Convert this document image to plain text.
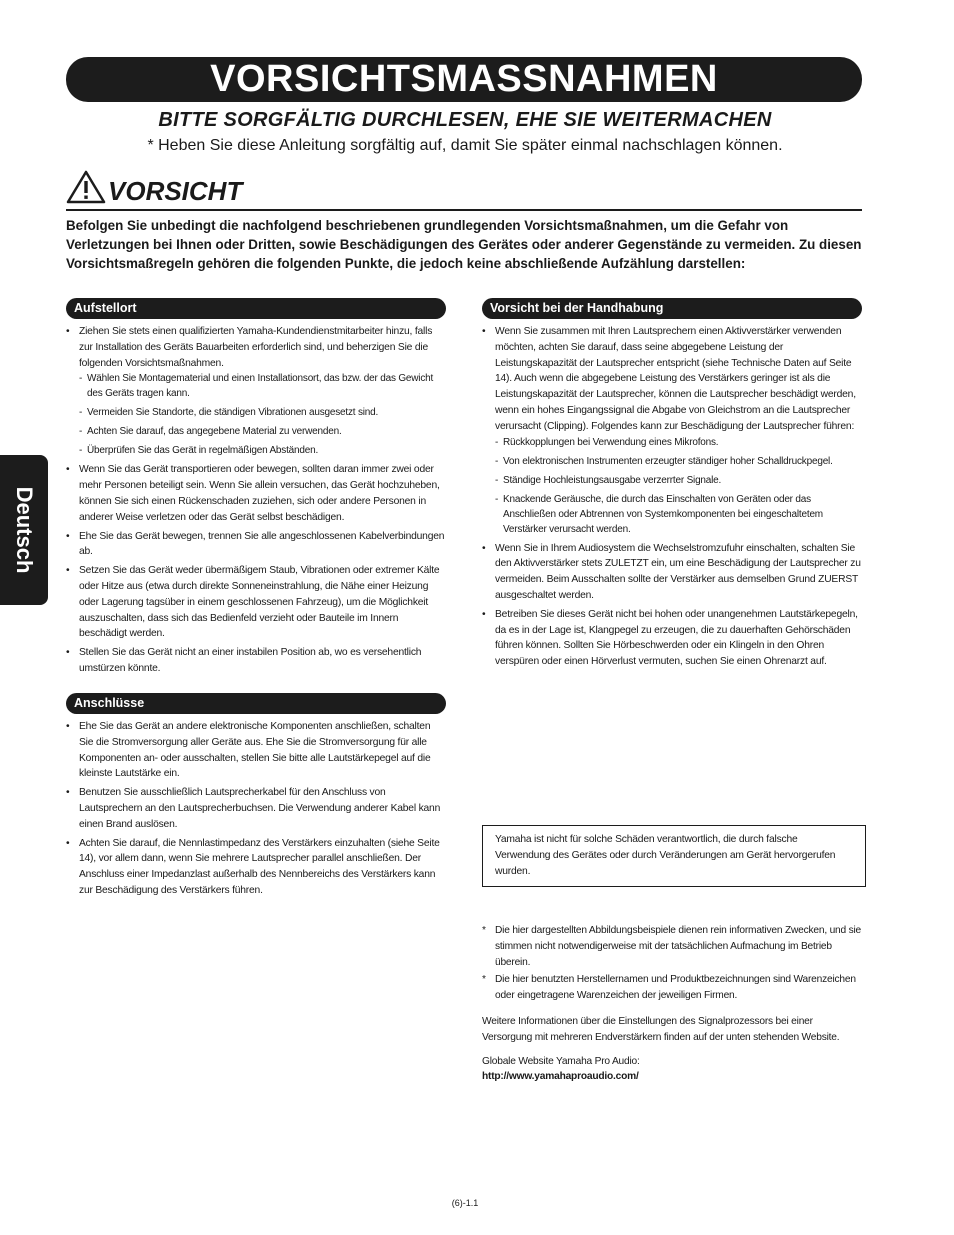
VORSICHTSMASSNAHMEN
BITTE SORGFÄLTIG DURCHLESEN, EHE SIE WEITERMACHEN
* Heben Sie diese Anleitung sorgfältig auf, damit Sie später einmal nachschlagen können.
VORSICHT
Befolgen Sie unbedingt die nachfolgend beschriebenen grundlegenden Vorsichtsmaßnahmen, um die Gefahr von Verletzungen bei Ihnen oder Dritten, sowie Beschädigungen des Gerätes oder anderer Gegenstände zu vermeiden. Zu diesen Vorsichtsmaßregeln gehören die folgenden Punkte, die jedoch keine abschließende Aufzählung darstellen:
Deutsch
Aufstellort
• Ziehen Sie stets einen qualifizierten Yamaha-Kundendienstmitarbeiter hinzu, falls zur Installation des Geräts Bauarbeiten erforderlich sind, und beherzigen Sie die folgenden Vorsichtsmaßnahmen.
- Wählen Sie Montagematerial und einen Installationsort, das bzw. der das Gewicht des Geräts tragen kann.
- Vermeiden Sie Standorte, die ständigen Vibrationen ausgesetzt sind.
- Achten Sie darauf, das angegebene Material zu verwenden.
- Überprüfen Sie das Gerät in regelmäßigen Abständen.
• Wenn Sie das Gerät transportieren oder bewegen, sollten daran immer zwei oder mehr Personen beteiligt sein. Wenn Sie allein versuchen, das Gerät hochzuheben, können Sie sich einen Rückenschaden zuziehen, sich oder andere Personen in anderer Weise verletzen oder das Gerät selbst beschädigen.
• Ehe Sie das Gerät bewegen, trennen Sie alle angeschlossenen Kabelverbindungen ab.
• Setzen Sie das Gerät weder übermäßigem Staub, Vibrationen oder extremer Kälte oder Hitze aus (etwa durch direkte Sonneneinstrahlung, die Nähe einer Heizung oder Lagerung tagsüber in einem geschlossenen Fahrzeug), um die Möglichkeit auszuschalten, dass sich das Bedienfeld verzieht oder Bauteile im Innern beschädigt werden.
• Stellen Sie das Gerät nicht an einer instabilen Position ab, wo es versehentlich umstürzen könnte.
Anschlüsse
• Ehe Sie das Gerät an andere elektronische Komponenten anschließen, schalten Sie die Stromversorgung aller Geräte aus. Ehe Sie die Stromversorgung für alle Komponenten an- oder ausschalten, stellen Sie bitte alle Lautstärkepegel auf die kleinste Lautstärke ein.
• Benutzen Sie ausschließlich Lautsprecherkabel für den Anschluss von Lautsprechern an den Lautsprecherbuchsen. Die Verwendung anderer Kabel kann einen Brand auslösen.
• Achten Sie darauf, die Nennlastimpedanz des Verstärkers einzuhalten (siehe Seite 14), vor allem dann, wenn Sie mehrere Lautsprecher parallel anschließen. Der Anschluss einer Impedanzlast außerhalb des Nennbereichs des Verstärkers kann zur Beschädigung des Verstärkers führen.
Vorsicht bei der Handhabung
• Wenn Sie zusammen mit Ihren Lautsprechern einen Aktivverstärker verwenden möchten, achten Sie darauf, dass seine abgegebene Leistung der Leistungskapazität der Lautsprecher entspricht (siehe Technische Daten auf Seite 14). Auch wenn die abgegebene Leistung des Verstärkers geringer ist als die Leistungskapazität der Lautsprecher, können die Lautsprecher beschädigt werden, wenn ein hohes Eingangssignal die Abgabe von Gleichstrom an die Lautsprecher verursacht (Clipping). Folgendes kann zur Beschädigung der Lautsprecher führen:
- Rückkopplungen bei Verwendung eines Mikrofons.
- Von elektronischen Instrumenten erzeugter ständiger hoher Schalldruckpegel.
- Ständige Hochleistungsausgabe verzerrter Signale.
- Knackende Geräusche, die durch das Einschalten von Geräten oder das Anschließen oder Abtrennen von Systemkomponenten bei eingeschaltetem Verstärker verursacht werden.
• Wenn Sie in Ihrem Audiosystem die Wechselstromzufuhr einschalten, schalten Sie den Aktivverstärker stets ZULETZT ein, um eine Beschädigung der Lautsprecher zu vermeiden. Beim Ausschalten sollte der Verstärker aus demselben Grund ZUERST ausgeschaltet werden.
• Betreiben Sie dieses Gerät nicht bei hohen oder unangenehmen Lautstärkepegeln, da es in der Lage ist, Klangpegel zu erzeugen, die zu dauerhaften Gehörschäden führen können. Sollten Sie Hörbeschwerden oder ein Klingeln in den Ohren verspüren oder einen Hörverlust vermuten, suchen Sie einen Ohrenarzt auf.
Yamaha ist nicht für solche Schäden verantwortlich, die durch falsche Verwendung des Gerätes oder durch Veränderungen am Gerät hervorgerufen wurden.
* Die hier dargestellten Abbildungsbeispiele dienen rein informativen Zwecken, und sie stimmen nicht notwendigerweise mit der tatsächlichen Aufmachung im Betrieb überein.
* Die hier benutzten Herstellernamen und Produktbezeichnungen sind Warenzeichen oder eingetragene Warenzeichen der jeweiligen Firmen.

Weitere Informationen über die Einstellungen des Signalprozessors bei einer Versorgung mit mehreren Endverstärkern finden auf der unten stehenden Website.

Globale Website Yamaha Pro Audio:

http://www.yamahaproaudio.com/

(6)-1.1
